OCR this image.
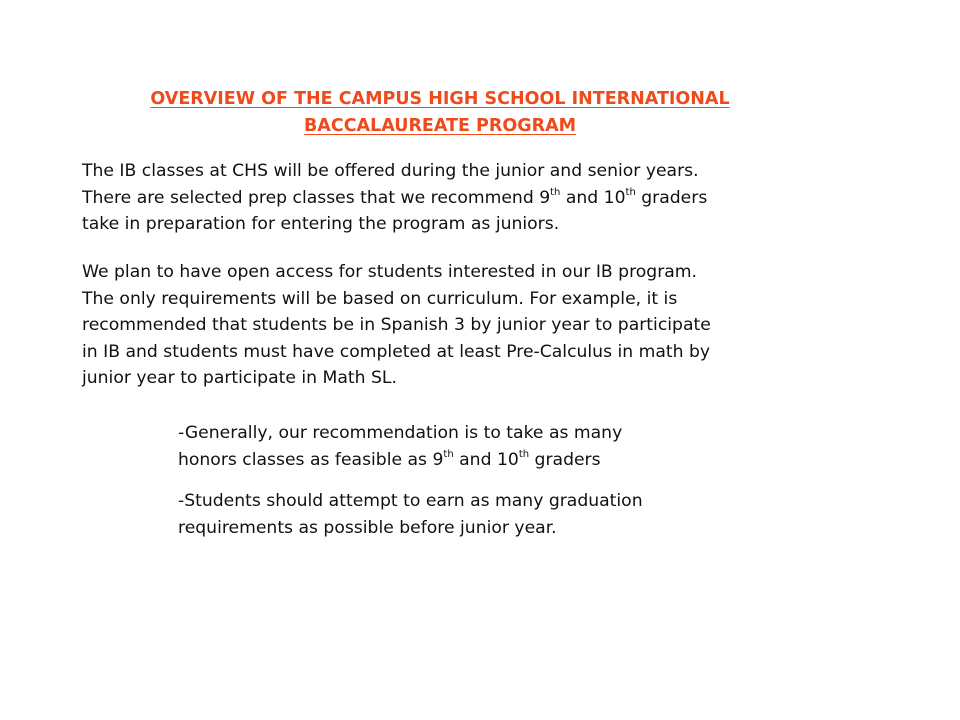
OVERVIEW OF THE CAMPUS HIGH SCHOOL INTERNATIONAL
BACCALAUREATE PROGRAM

The IB classes at CHS will be offered during the junior and senior years.
There are selected prep classes that we recommend 9th and 10th graders
take in preparation for entering the program as juniors.

We plan to have open access for students interested in our IB program.
The only requirements will be based on curriculum. For example, it is
recommended that students be in Spanish 3 by junior year to participate
in IB and students must have completed at least Pre-Calculus in math by
junior year to participate in Math SL.

-Generally, our recommendation is to take as many
honors classes as feasible as 9th and 10th graders

-Students should attempt to earn as many graduation
requirements as possible before junior year.
